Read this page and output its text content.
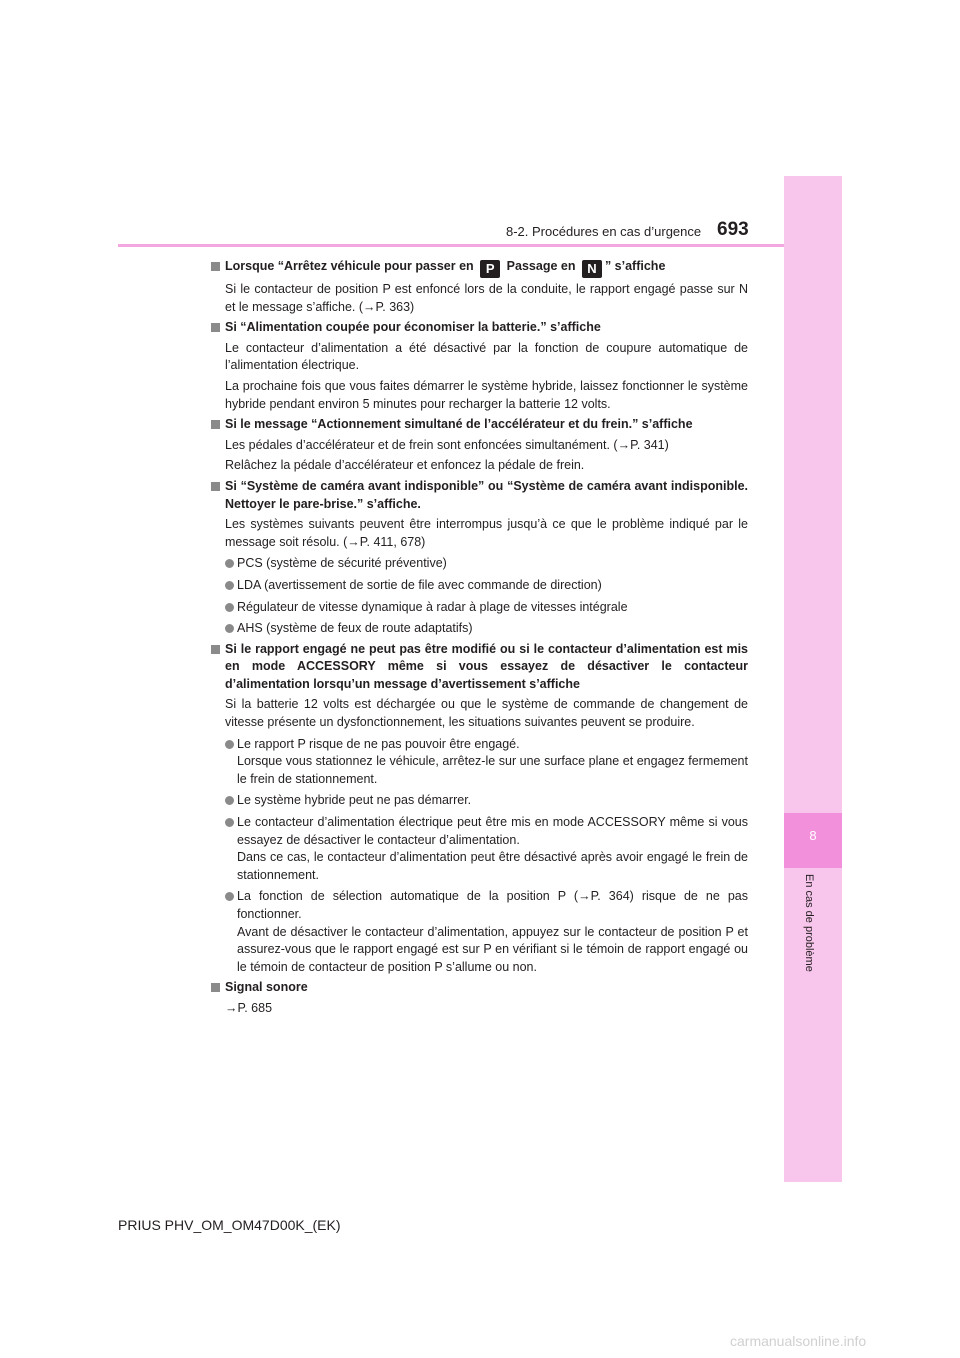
8
En cas de problème
8-2. Procédures en cas d’urgence 693
Lorsque “Arrêtez véhicule pour passer en P Passage en N ” s’affiche
Si le contacteur de position P est enfoncé lors de la conduite, le rapport engagé passe sur N et le message s’affiche. (→P. 363)
Si “Alimentation coupée pour économiser la batterie.” s’affiche
Le contacteur d’alimentation a été désactivé par la fonction de coupure automatique de l’alimentation électrique.
La prochaine fois que vous faites démarrer le système hybride, laissez fonctionner le système hybride pendant environ 5 minutes pour recharger la batterie 12 volts.
Si le message “Actionnement simultané de l’accélérateur et du frein.” s’affiche
Les pédales d’accélérateur et de frein sont enfoncées simultanément. (→P. 341)
Relâchez la pédale d’accélérateur et enfoncez la pédale de frein.
Si “Système de caméra avant indisponible” ou “Système de caméra avant indisponible. Nettoyer le pare-brise.” s’affiche.
Les systèmes suivants peuvent être interrompus jusqu’à ce que le problème indiqué par le message soit résolu. (→P. 411, 678)
PCS (système de sécurité préventive)
LDA (avertissement de sortie de file avec commande de direction)
Régulateur de vitesse dynamique à radar à plage de vitesses intégrale
AHS (système de feux de route adaptatifs)
Si le rapport engagé ne peut pas être modifié ou si le contacteur d’alimentation est mis en mode ACCESSORY même si vous essayez de désactiver le contacteur d’alimentation lorsqu’un message d’avertissement s’affiche
Si la batterie 12 volts est déchargée ou que le système de commande de changement de vitesse présente un dysfonctionnement, les situations suivantes peuvent se produire.
Le rapport P risque de ne pas pouvoir être engagé.
Lorsque vous stationnez le véhicule, arrêtez-le sur une surface plane et engagez fermement le frein de stationnement.
Le système hybride peut ne pas démarrer.
Le contacteur d’alimentation électrique peut être mis en mode ACCESSORY même si vous essayez de désactiver le contacteur d’alimentation.
Dans ce cas, le contacteur d’alimentation peut être désactivé après avoir engagé le frein de stationnement.
La fonction de sélection automatique de la position P (→P. 364) risque de ne pas fonctionner.
Avant de désactiver le contacteur d’alimentation, appuyez sur le contacteur de position P et assurez-vous que le rapport engagé est sur P en vérifiant si le témoin de rapport engagé ou le témoin de contacteur de position P s’allume ou non.
Signal sonore
→P. 685
PRIUS PHV_OM_OM47D00K_(EK)
carmanualsonline.info
